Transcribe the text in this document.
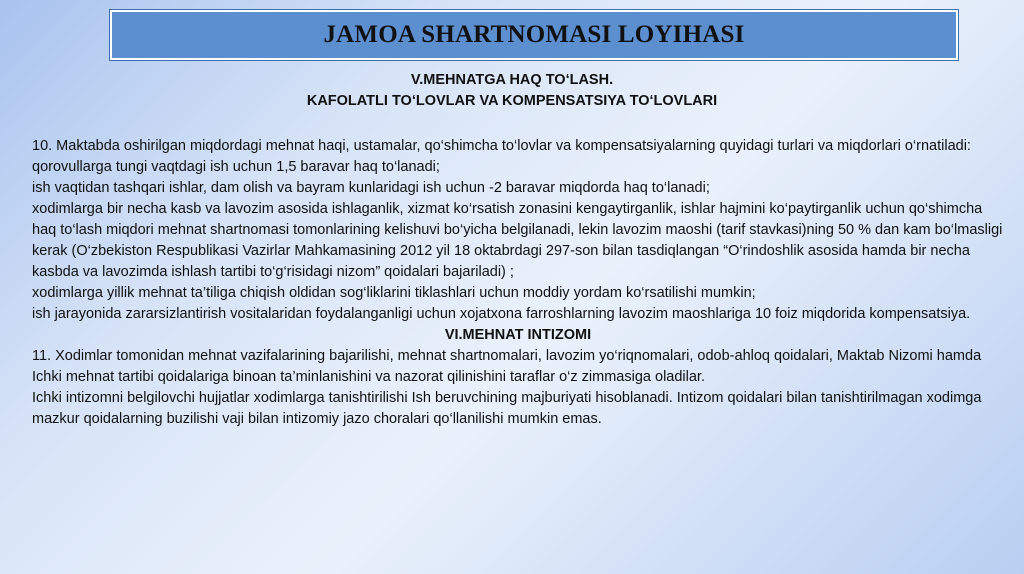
JAMOA SHARTNOMASI LOYIHASI
V.MEHNATGA HAQ TO‘LASH.
KAFOLATLI TO‘LOVLAR VA KOMPENSATSIYA TO‘LOVLARI

10. Maktabda oshirilgan miqdordagi mehnat haqi, ustamalar, qo‘shimcha to‘lovlar va kompensatsiyalarning quyidagi turlari va miqdorlari o‘rnatiladi:

qorovullarga tungi vaqtdagi ish uchun 1,5 baravar haq to‘lanadi;

ish vaqtidan tashqari ishlar, dam olish va bayram kunlaridagi ish uchun -2 baravar miqdorda haq to‘lanadi;

xodimlarga bir necha kasb va lavozim asosida ishlaganlik, xizmat ko‘rsatish zonasini kengaytirganlik, ishlar hajmini ko‘paytirganlik uchun qo‘shimcha haq to‘lash miqdori mehnat shartnomasi tomonlarining kelishuvi bo‘yicha belgilanadi, lekin lavozim maoshi (tarif stavkasi)ning 50 % dan kam bo‘lmasligi kerak (O‘zbekiston Respublikasi Vazirlar Mahkamasining 2012 yil 18 oktabrdagi 297-son bilan tasdiqlangan “O‘rindoshlik asosida hamda bir necha kasbda va lavozimda ishlash tartibi to‘g‘risidagi nizom” qoidalari bajariladi) ;

xodimlarga yillik mehnat ta’tiliga chiqish oldidan sog‘liklarini tiklashlari uchun moddiy yordam ko‘rsatilishi mumkin;

ish jarayonida zararsizlantirish vositalaridan foydalanganligi uchun xojatxona farroshlarning lavozim maoshlariga 10 foiz miqdorida kompensatsiya.

VI.MEHNAT INTIZOMI

11. Xodimlar tomonidan mehnat vazifalarining bajarilishi, mehnat shartnomalari, lavozim yo‘riqnomalari, odob-ahloq qoidalari, Maktab Nizomi hamda Ichki mehnat tartibi qoidalariga binoan ta’minlanishini va nazorat qilinishini taraflar o‘z zimmasiga oladilar.

Ichki intizomni belgilovchi hujjatlar xodimlarga tanishtirilishi Ish beruvchining majburiyati hisoblanadi. Intizom qoidalari bilan tanishtirilmagan xodimga mazkur qoidalarning buzilishi vaji bilan intizomiy jazo choralari qo‘llanilishi mumkin emas.
